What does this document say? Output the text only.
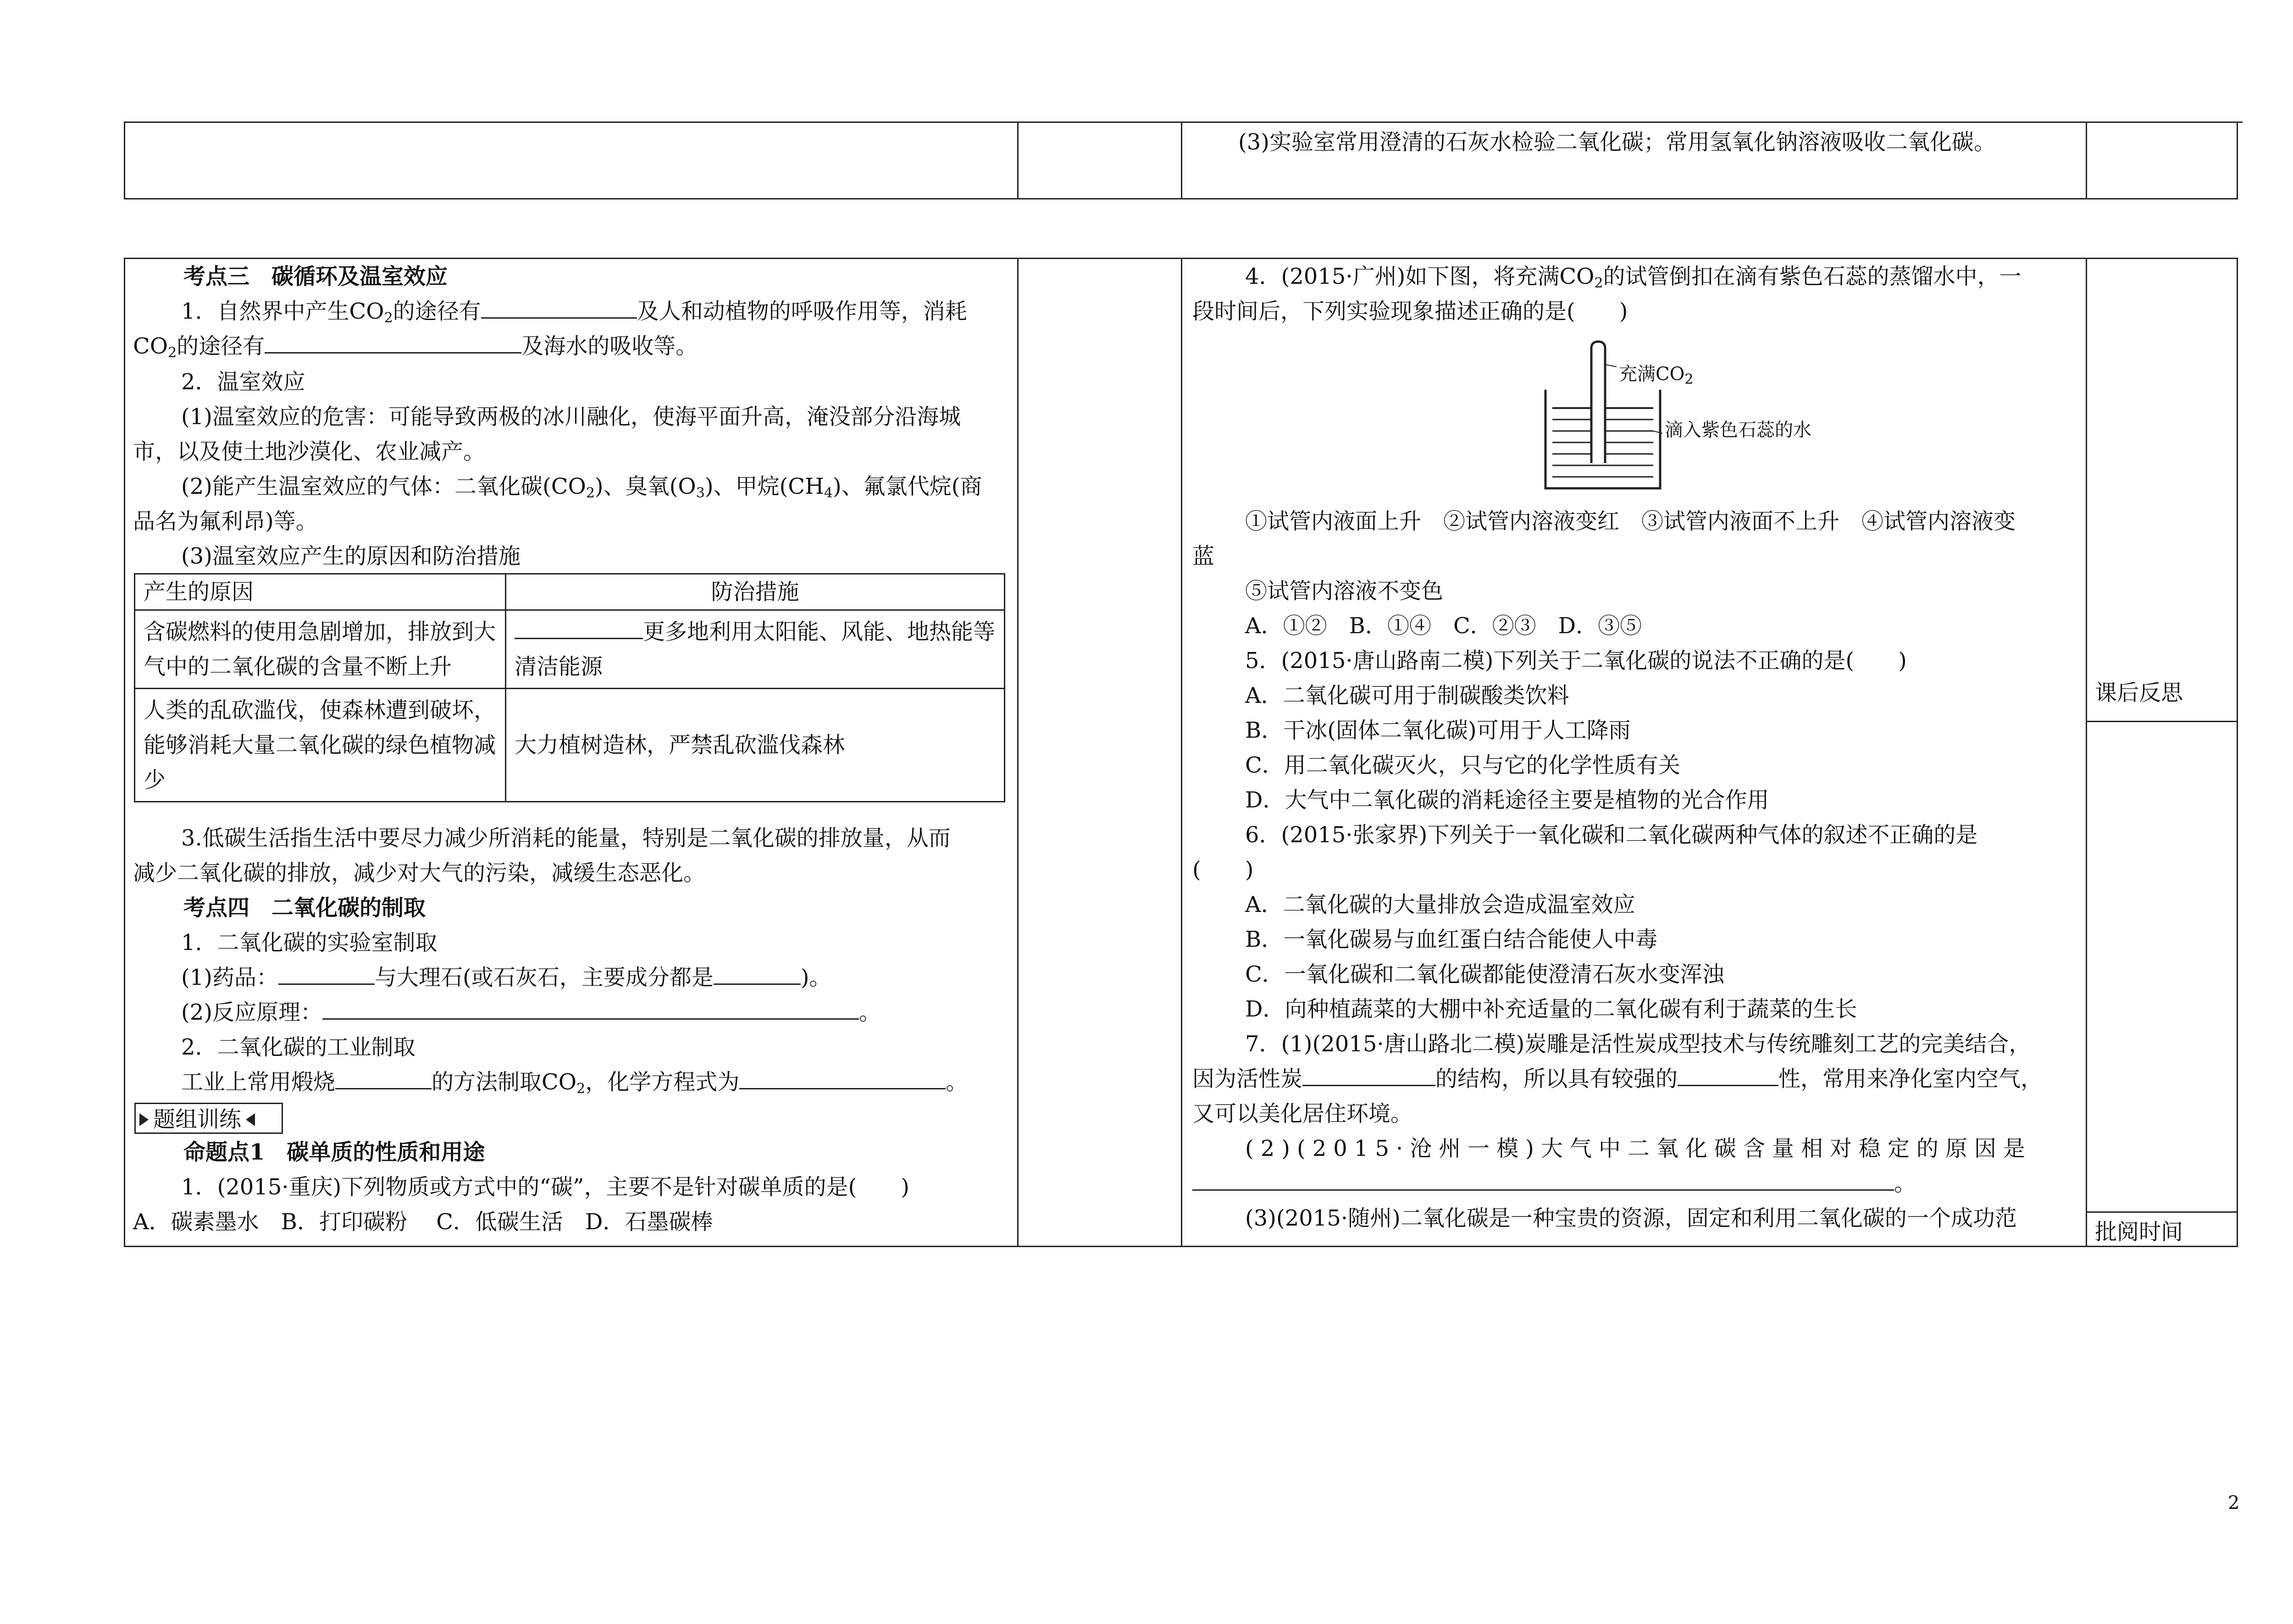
(3)实验室常用澄清的石灰水检验二氧化碳；常用氢氧化钠溶液吸收二氧化碳。
课后反思
批阅时间
考点三　碳循环及温室效应
1．自然界中产生$CO_2$的途径有	及人和动植物的呼吸作用等，消耗
$CO_2$的途径有	及海水的吸收等。
2．温室效应
(1)温室效应的危害：可能导致两极的冰川融化，使海平面升高，淹没部分沿海城
市，以及使土地沙漠化、农业减产。
(2)能产生温室效应的气体：二氧化碳$(CO_2)$、臭氧$(O_3)$、甲烷$(CH_4)$、氟氯代烷(商
品名为氟利昂)等。
(3)温室效应产生的原因和防治措施
产生的原因	防治措施
含碳燃料的使用急剧增加，排放到大气中的二氧化碳的含量不断上升	更多地利用太阳能、风能、地热能等清洁能源
人类的乱砍滥伐，使森林遭到破坏，能够消耗大量二氧化碳的绿色植物减少	大力植树造林，严禁乱砍滥伐森林
3.低碳生活指生活中要尽力减少所消耗的能量，特别是二氧化碳的排放量，从而
减少二氧化碳的排放，减少对大气的污染，减缓生态恶化。
考点四　二氧化碳的制取
1．二氧化碳的实验室制取
(1)药品：	与大理石(或石灰石，主要成分都是	)。
(2)反应原理：	。
2．二氧化碳的工业制取
工业上常用煅烧	的方法制取$CO_2$，化学方程式为	。
题组训练
命题点1　碳单质的性质和用途
1．(2015·重庆)下列物质或方式中的“碳”，主要不是针对碳单质的是(　　)
A．碳素墨水　B．打印碳粉　 C．低碳生活　D．石墨碳棒
4．(2015·广州)如下图，将充满$CO_2$的试管倒扣在滴有紫色石蕊的蒸馏水中，一
段时间后，下列实验现象描述正确的是(　　)
充满$CO_2$
滴入紫色石蕊的水
①试管内液面上升　②试管内溶液变红　③试管内液面不上升　④试管内溶液变
蓝
⑤试管内溶液不变色
A．①②　B．①④　C．②③　D．③⑤
5．(2015·唐山路南二模)下列关于二氧化碳的说法不正确的是(　　)
A．二氧化碳可用于制碳酸类饮料
B．干冰(固体二氧化碳)可用于人工降雨
C．用二氧化碳灭火，只与它的化学性质有关
D．大气中二氧化碳的消耗途径主要是植物的光合作用
6．(2015·张家界)下列关于一氧化碳和二氧化碳两种气体的叙述不正确的是
(　　)
A．二氧化碳的大量排放会造成温室效应
B．一氧化碳易与血红蛋白结合能使人中毒
C．一氧化碳和二氧化碳都能使澄清石灰水变浑浊
D．向种植蔬菜的大棚中补充适量的二氧化碳有利于蔬菜的生长
7．(1)(2015·唐山路北二模)炭雕是活性炭成型技术与传统雕刻工艺的完美结合，
因为活性炭	的结构，所以具有较强的	性，常用来净化室内空气，
又可以美化居住环境。
(2)(2015·沧州一模)大气中二氧化碳含量相对稳定的原因是
。
(3)(2015·随州)二氧化碳是一种宝贵的资源，固定和利用二氧化碳的一个成功范
2
